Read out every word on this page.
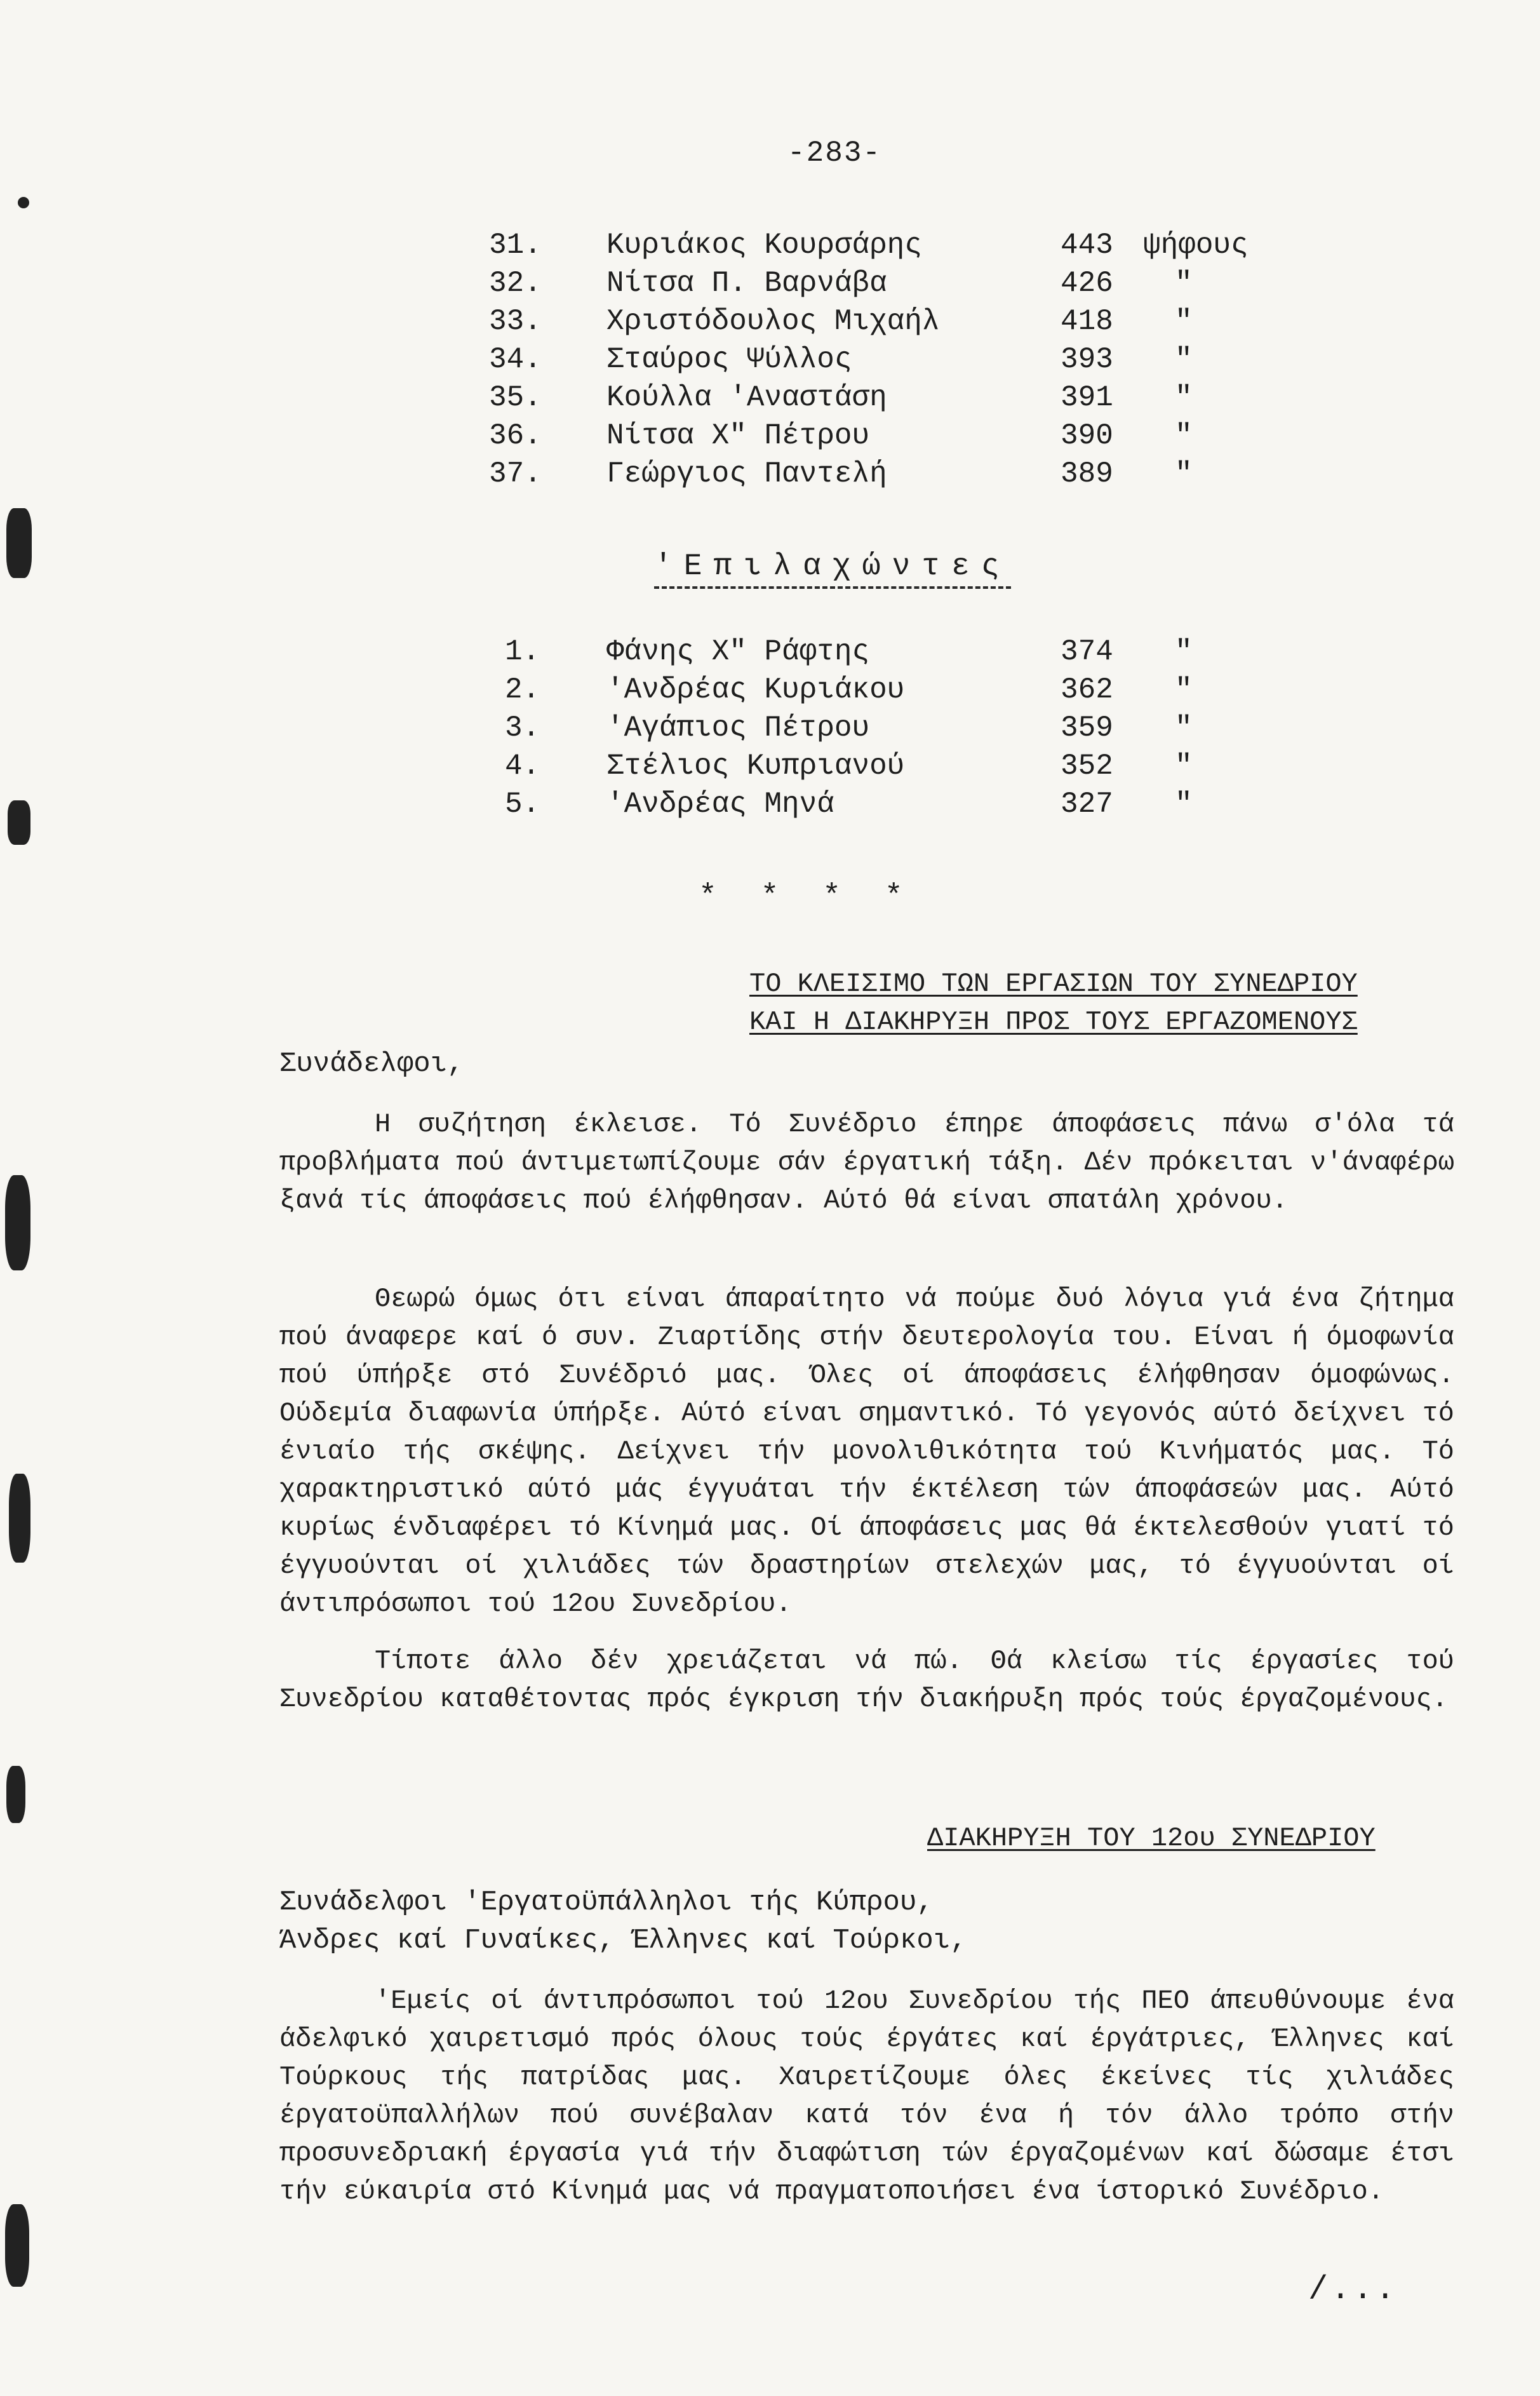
-283-
31. Κυριάκος Κουρσάρης	443 ψήφους
32. Νίτσα Π. Βαρνάβα	426 "
33. Χριστόδουλος Μιχαήλ	418 "
34. Σταύρος Ψύλλος	393 "
35. Κούλλα 'Αναστάση	391 "
36. Νίτσα Χ" Πέτρου	390 "
37. Γεώργιος Παντελή	389 "
'Επιλαχώντες
1. Φάνης Χ" Ράφτης	374 "
2. 'Ανδρέας Κυριάκου	362 "
3. 'Αγάπιος Πέτρου	359 "
4. Στέλιος Κυπριανού	352 "
5. 'Ανδρέας Μηνά	327 "
* * * *
ΤΟ ΚΛΕΙΣΙΜΟ ΤΩΝ ΕΡΓΑΣΙΩΝ ΤΟΥ ΣΥΝΕΔΡΙΟΥ
ΚΑΙ Η ΔΙΑΚΗΡΥΞΗ ΠΡΟΣ ΤΟΥΣ ΕΡΓΑΖΟΜΕΝΟΥΣ
Συνάδελφοι,
Η συζήτηση έκλεισε. Τό Συνέδριο έπηρε άποφάσεις πάνω σ'όλα τά προβλήματα πού άντιμετωπίζουμε σάν έργατική τάξη. Δέν πρόκειται ν'άναφέρω ξανά τίς άποφάσεις πού έλήφθησαν. Αύτό θά είναι σπατάλη χρόνου.
Θεωρώ όμως ότι είναι άπαραίτητο νά πούμε δυό λόγια γιά ένα ζήτημα πού άναφερε καί ό συν. Ζιαρτίδης στήν δευτερολογία του. Είναι ή όμοφωνία πού ύπήρξε στό Συνέδριό μας. Όλες οί άποφάσεις έλήφθησαν όμοφώνως. Ούδεμία διαφωνία ύπήρξε. Αύτό είναι σημαντικό. Τό γεγονός αύτό δείχνει τό ένιαίο τής σκέψης. Δείχνει τήν μονολιθικότητα τού Κινήματός μας. Τό χαρακτηριστικό αύτό μάς έγγυάται τήν έκτέλεση τών άποφάσεών μας. Αύτό κυρίως ένδιαφέρει τό Κίνημά μας. Οί άποφάσεις μας θά έκτελεσθούν γιατί τό έγγυούνται οί χιλιάδες τών δραστηρίων στελεχών μας, τό έγγυούνται οί άντιπρόσωποι τού 12ου Συνεδρίου.
Τίποτε άλλο δέν χρειάζεται νά πώ. Θά κλείσω τίς έργασίες τού Συνεδρίου καταθέτοντας πρός έγκριση τήν διακήρυξη πρός τούς έργαζομένους.
ΔΙΑΚΗΡΥΞΗ ΤΟΥ 12ου ΣΥΝΕΔΡΙΟΥ
Συνάδελφοι 'Εργατοϋπάλληλοι τής Κύπρου,
Άνδρες καί Γυναίκες, Έλληνες καί Τούρκοι,
'Εμείς οί άντιπρόσωποι τού 12ου Συνεδρίου τής ΠΕΟ άπευθύνουμε ένα άδελφικό χαιρετισμό πρός όλους τούς έργάτες καί έργάτριες, Έλληνες καί Τούρκους τής πατρίδας μας. Χαιρετίζουμε όλες έκείνες τίς χιλιάδες έργατοϋπαλλήλων πού συνέβαλαν κατά τόν ένα ή τόν άλλο τρόπο στήν προσυνεδριακή έργασία γιά τήν διαφώτιση τών έργαζομένων καί δώσαμε έτσι τήν εύκαιρία στό Κίνημά μας νά πραγματοποιήσει ένα ίστορικό Συνέδριο.
/...
